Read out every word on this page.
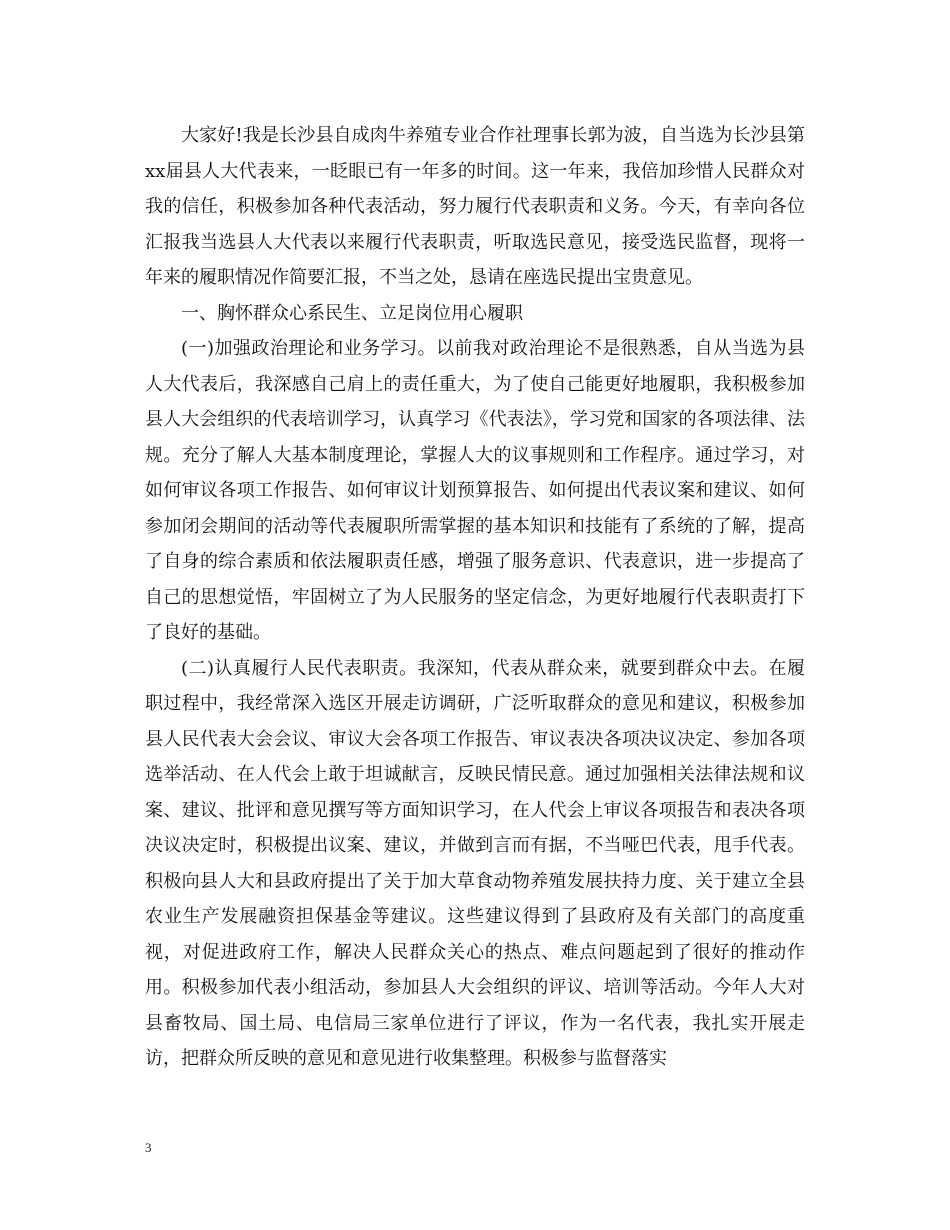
大家好!我是长沙县自成肉牛养殖专业合作社理事长郭为波，自当选为长沙县第xx届县人大代表来，一眨眼已有一年多的时间。这一年来，我倍加珍惜人民群众对我的信任，积极参加各种代表活动，努力履行代表职责和义务。今天，有幸向各位汇报我当选县人大代表以来履行代表职责，听取选民意见，接受选民监督，现将一年来的履职情况作简要汇报，不当之处，恳请在座选民提出宝贵意见。

一、胸怀群众心系民生、立足岗位用心履职

(一)加强政治理论和业务学习。以前我对政治理论不是很熟悉，自从当选为县人大代表后，我深感自己肩上的责任重大，为了使自己能更好地履职，我积极参加县人大会组织的代表培训学习，认真学习《代表法》，学习党和国家的各项法律、法规。充分了解人大基本制度理论，掌握人大的议事规则和工作程序。通过学习，对如何审议各项工作报告、如何审议计划预算报告、如何提出代表议案和建议、如何参加闭会期间的活动等代表履职所需掌握的基本知识和技能有了系统的了解，提高了自身的综合素质和依法履职责任感，增强了服务意识、代表意识，进一步提高了自己的思想觉悟，牢固树立了为人民服务的坚定信念，为更好地履行代表职责打下了良好的基础。

(二)认真履行人民代表职责。我深知，代表从群众来，就要到群众中去。在履职过程中，我经常深入选区开展走访调研，广泛听取群众的意见和建议，积极参加县人民代表大会会议、审议大会各项工作报告、审议表决各项决议决定、参加各项选举活动、在人代会上敢于坦诚献言，反映民情民意。通过加强相关法律法规和议案、建议、批评和意见撰写等方面知识学习，在人代会上审议各项报告和表决各项决议决定时，积极提出议案、建议，并做到言而有据，不当哑巴代表，甩手代表。积极向县人大和县政府提出了关于加大草食动物养殖发展扶持力度、关于建立全县农业生产发展融资担保基金等建议。这些建议得到了县政府及有关部门的高度重视，对促进政府工作，解决人民群众关心的热点、难点问题起到了很好的推动作用。积极参加代表小组活动，参加县人大会组织的评议、培训等活动。今年人大对县畜牧局、国土局、电信局三家单位进行了评议，作为一名代表，我扎实开展走访，把群众所反映的意见和意见进行收集整理。积极参与监督落实

3
